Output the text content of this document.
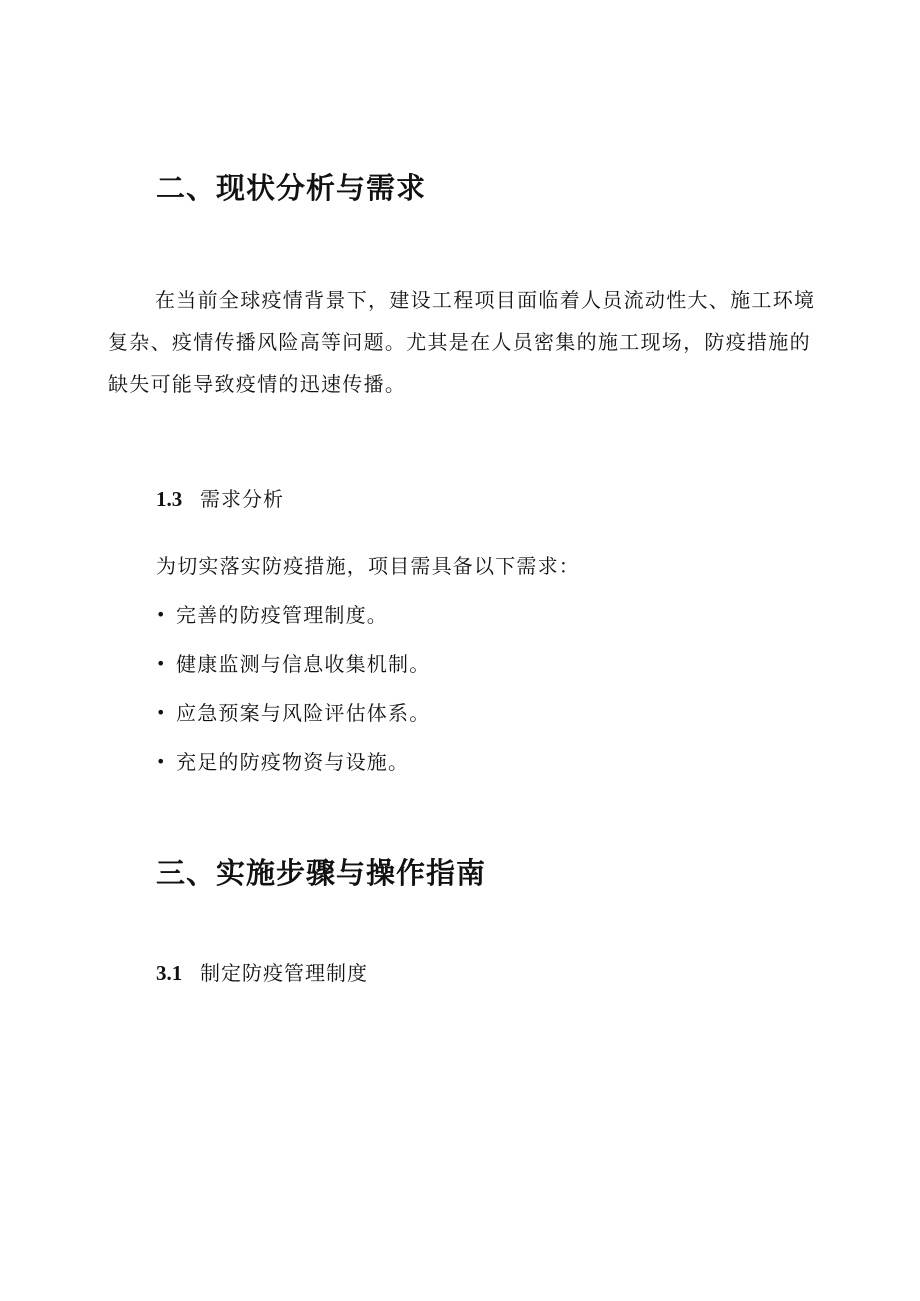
二、现状分析与需求

在当前全球疫情背景下，建设工程项目面临着人员流动性大、施工环境复杂、疫情传播风险高等问题。尤其是在人员密集的施工现场，防疫措施的缺失可能导致疫情的迅速传播。

1.3 需求分析
为切实落实防疫措施，项目需具备以下需求：
• 完善的防疫管理制度。
• 健康监测与信息收集机制。
• 应急预案与风险评估体系。
• 充足的防疫物资与设施。
三、实施步骤与操作指南
3.1 制定防疫管理制度
